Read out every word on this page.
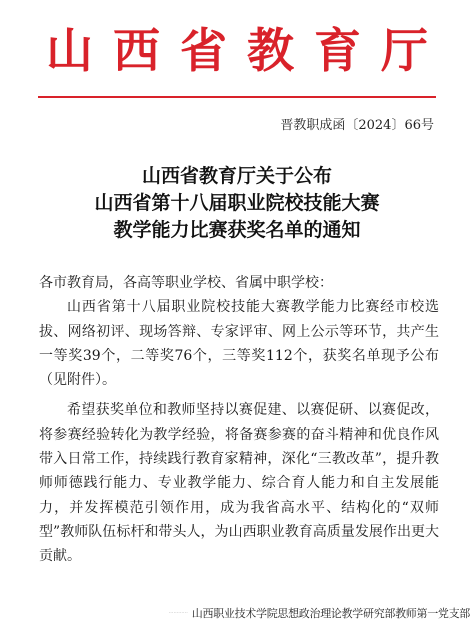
山西省教育厅
晋教职成函〔2024〕66号
山西省教育厅关于公布
山西省第十八届职业院校技能大赛
教学能力比赛获奖名单的通知

各市教育局，各高等职业学校、省属中职学校：

山西省第十八届职业院校技能大赛教学能力比赛经市校选拔、网络初评、现场答辩、专家评审、网上公示等环节，共产生一等奖39个，二等奖76个，三等奖112个，获奖名单现予公布（见附件）。

希望获奖单位和教师坚持以赛促建、以赛促研、以赛促改，将参赛经验转化为教学经验，将备赛参赛的奋斗精神和优良作风带入日常工作，持续践行教育家精神，深化“三教改革”，提升教师师德践行能力、专业教学能力、综合育人能力和自主发展能力，并发挥模范引领作用，成为我省高水平、结构化的“双师型”教师队伍标杆和带头人，为山西职业教育高质量发展作出更大贡献。

············ 山西职业技术学院思想政治理论教学研究部教师第一党支部
